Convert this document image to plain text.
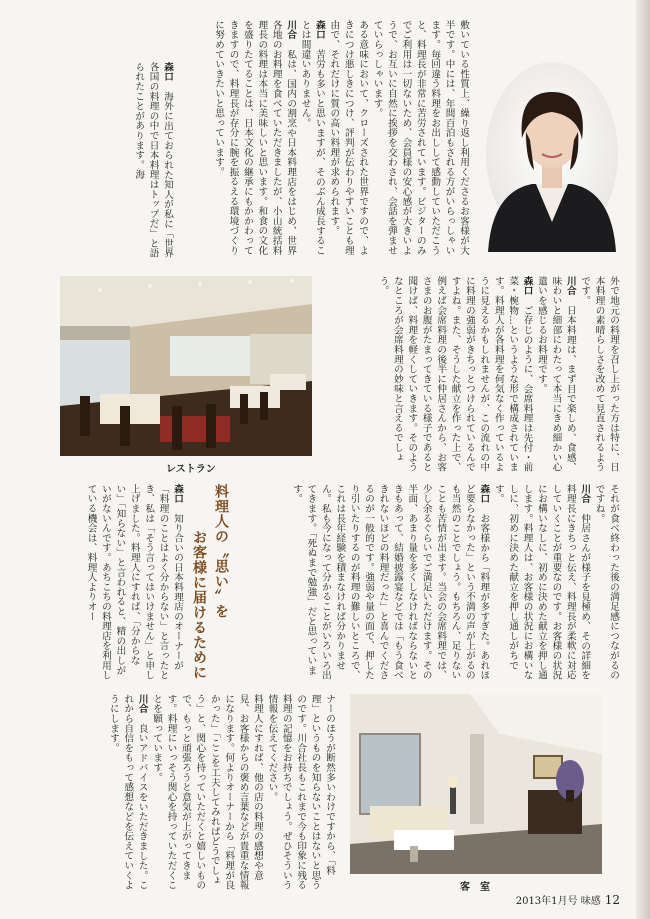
外で地元の料理を召し上がった方は特に、日本料理の素晴らしさを改めて見直されるようです。

川合　日本料理は、まず目で楽しめ、食感、味わいと細部にわたって本当にきめ細かい心遣いを感じるお料理です。

森口　ご存じのように、会席料理は先付・前菜・椀物…というような形で構成されています。料理人が各料理を何気なく作っているように見えるかもしれませんが、この流れの中に料理の強弱がきちっとつけられているんですよね。また、そうした献立を作った上で、例えば会席料理の後半に仲居さんから、お客さまのお腹がたまってきている様子であると聞けば、料理を軽くしていきます。そのようなところが会席料理の妙味と言えるでしょう。

敷いている性質上、繰り返し利用くださるお客様が大半です。中には、年間百泊もされる方がいらっしゃいます。毎回違う料理をお出しして感動していただこうと、料理長が非常に苦労されています。ビジターのみでご利用は一切ないため、会員様の安心感が大きいようで、お互いに自然に挨拶を交わされ、会話を弾ませていらっしゃいます。

ある意味において、クローズされた世界ですので、よきにつけ悪しきにつけ、評判が伝わりやすいことも理由で、それだけに質の高い料理が求められます。

森口　苦労も多いと思いますが、そのぶん成長することは間違いありません。

川合　私は、国内の割烹や日本料理店をはじめ、世界各地のお料理を食べていただきましたが、小山統括料理長の料理は本当に美味しいと思います。和食の文化を盛りたてることは、日本文化の継承にもかかわってきますので、料理長が存分に腕を振るえる環境づくりに努めていきたいと思っています。

森口　海外に出ておられた知人が私に「世界各国の料理の中で日本料理はトップだ」と語られたことがあります。海

レストラン

それが食べ終わった後の満足感につながるのですね。

川合　仲居さんが様子を見極め、その詳細を料理長にきちっと伝え、料理長が柔軟に対応していくことが重要なのです。お客様の状況にお構いなしに、初めに決めた献立を押し通します。料理人は、お客様の状況にお構いなしに、初めに決めた献立を押し通しがちです。

森口　お客様から「料理が多すぎた。あれほど要らなかった」という不満の声が上がるのも当然のことでしょう。もちろん、足りないことも苦情が出ます。当会の会席料理では、少し余るぐらいでご満足いただけます。その半面、あまり量を多くしなければならないときもあって、結婚披露宴などでは「もう食べきれないほどの料理だった」と喜んでくださるのが一般的です。強弱や量の面で、押したり引いたりするのが料理の難しいところで、これは長年経験を積まなければ分かりません。私も今になって分かることがいろいろ出てきます。「死ぬまで勉強」だと思っています。

料理人の〝思い〟を
お客様に届けるために

森口　知り合いの日本料理店のオーナーが「料理のことはよく分からない」と言ったとき、私は「そう言ってはいけません」と申し上げました。料理人にすれば、「分からない」「知らない」と言われると、精の出しがいがないんです。あちこちの料理店を利用している機会は、料理人よりオー

客　室

ナーのほうが断然多いわけですから、「料理」というものを知らないことはないと思うのです。川合社長もこれまで今も印象に残る料理の記憶をお持ちでしょう。ぜひそういう情報を伝えてください。

料理人にすれば、他の店の料理の感想や意見、お客様からの褒め言葉などが貴重な情報になります。何よりオーナーから「料理が良かった」「ここを工夫してみればどうでしょう」と、関心を持っていただくと嬉しいもので、もっと頑張ろうと意気が上がってきます。料理にいっそう関心を持っていただくことを願っています。

川合　良いアドバイスをいただきました。これから自信をもって感想などを伝えていくようにします。

2013年1月号 味感 12
